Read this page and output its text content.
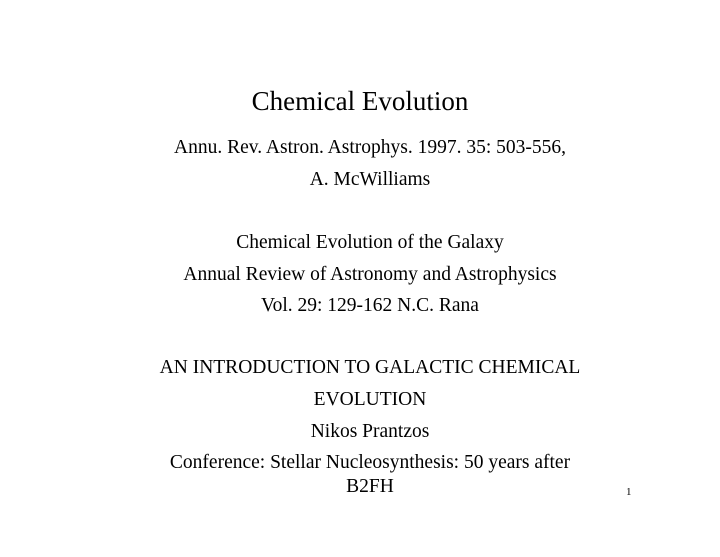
Chemical Evolution
Annu. Rev. Astron. Astrophys. 1997. 35: 503-556,
A. McWilliams
Chemical Evolution of the Galaxy
Annual Review of Astronomy and Astrophysics
Vol. 29: 129-162 N.C. Rana
AN INTRODUCTION TO GALACTIC CHEMICAL
EVOLUTION
Nikos Prantzos
Conference: Stellar Nucleosynthesis: 50 years after
B2FH	1
